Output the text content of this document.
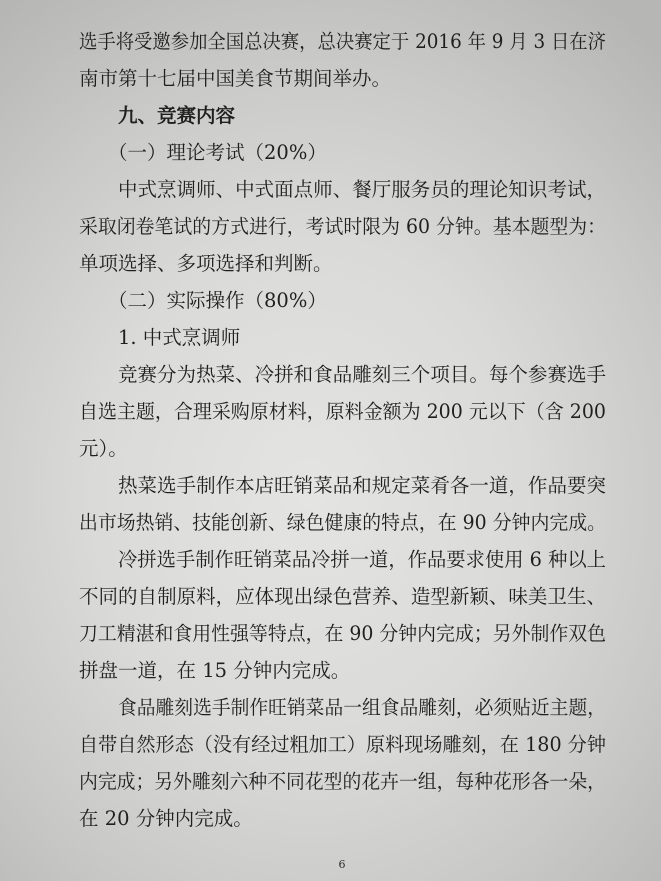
选手将受邀参加全国总决赛，总决赛定于 2016 年 9 月 3 日在济
南市第十七届中国美食节期间举办。
九、竞赛内容
（一）理论考试（20%）
中式烹调师、中式面点师、餐厅服务员的理论知识考试，
采取闭卷笔试的方式进行，考试时限为 60 分钟。基本题型为：
单项选择、多项选择和判断。
（二）实际操作（80%）
1. 中式烹调师
竞赛分为热菜、冷拼和食品雕刻三个项目。每个参赛选手
自选主题，合理采购原材料，原料金额为 200 元以下（含 200
元）。
热菜选手制作本店旺销菜品和规定菜肴各一道，作品要突
出市场热销、技能创新、绿色健康的特点，在 90 分钟内完成。
冷拼选手制作旺销菜品冷拼一道，作品要求使用 6 种以上
不同的自制原料，应体现出绿色营养、造型新颖、味美卫生、
刀工精湛和食用性强等特点，在 90 分钟内完成；另外制作双色
拼盘一道，在 15 分钟内完成。
食品雕刻选手制作旺销菜品一组食品雕刻，必须贴近主题，
自带自然形态（没有经过粗加工）原料现场雕刻，在 180 分钟
内完成；另外雕刻六种不同花型的花卉一组，每种花形各一朵，
在 20 分钟内完成。
6
